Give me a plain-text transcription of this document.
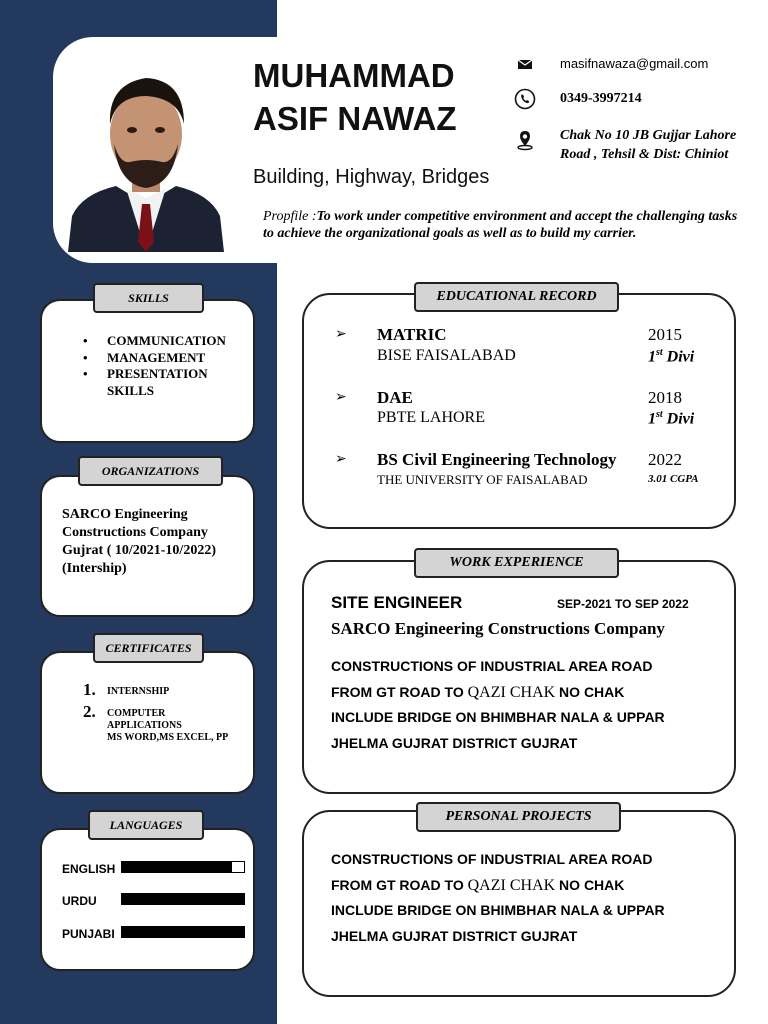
MUHAMMAD
ASIF NAWAZ
Building, Highway, Bridges
masifnawaza@gmail.com
0349-3997214
Chak No 10 JB Gujjar Lahore Road , Tehsil & Dist: Chiniot
Propfile :To work under competitive environment and accept the challenging tasks to achieve the organizational goals as well as to build my carrier.
SKILLS
• COMMUNICATION
• MANAGEMENT
• PRESENTATION SKILLS
ORGANIZATIONS
SARCO Engineering Constructions Company Gujrat ( 10/2021-10/2022) (Intership)
CERTIFICATES
1. INTERNSHIP
2. COMPUTER APPLICATIONS
MS WORD,MS EXCEL, PP
LANGUAGES
ENGLISH
URDU
PUNJABI
EDUCATIONAL RECORD
➢ MATRIC	2015
BISE FAISALABAD	1st Divi
➢ DAE	2018
PBTE LAHORE	1st Divi
➢ BS Civil Engineering Technology 2022
THE UNIVERSITY OF FAISALABAD	3.01 CGPA
WORK EXPERIENCE
SITE ENGINEER	SEP-2021 TO SEP 2022
SARCO Engineering Constructions Company
CONSTRUCTIONS OF INDUSTRIAL AREA ROAD
FROM GT ROAD TO QAZI CHAK NO CHAK
INCLUDE BRIDGE ON BHIMBHAR NALA & UPPAR
JHELMA GUJRAT DISTRICT GUJRAT
PERSONAL PROJECTS
CONSTRUCTIONS OF INDUSTRIAL AREA ROAD
FROM GT ROAD TO QAZI CHAK NO CHAK
INCLUDE BRIDGE ON BHIMBHAR NALA & UPPAR
JHELMA GUJRAT DISTRICT GUJRAT
